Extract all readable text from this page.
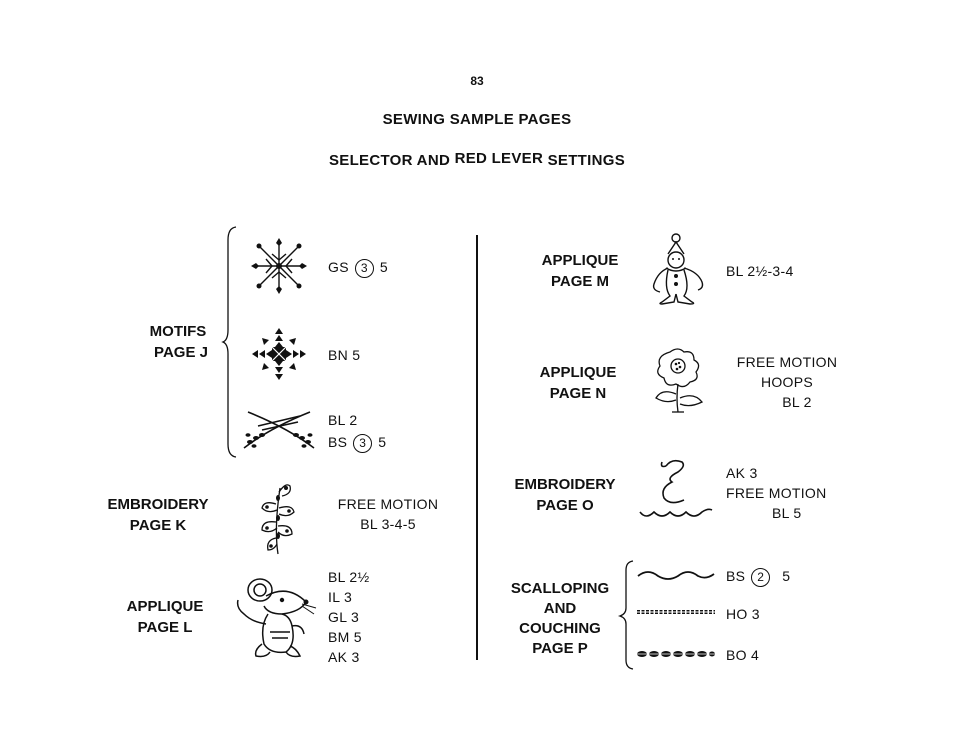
83
SEWING SAMPLE PAGES
SELECTOR AND RED LEVER SETTINGS
MOTIFS
PAGE J
GS 3 5
BN 5
BL 2
BS 3 5
EMBROIDERY
PAGE K
FREE MOTION
BL 3-4-5
APPLIQUE
PAGE L
BL 2½
IL 3
GL 3
BM 5
AK 3
APPLIQUE
PAGE M
BL 2½-3-4
APPLIQUE
PAGE N
FREE MOTION
HOOPS
BL 2
EMBROIDERY
PAGE O
AK 3
FREE MOTION
BL 5
SCALLOPING
AND
COUCHING
PAGE P
BS 2 5
HO 3
BO 4
